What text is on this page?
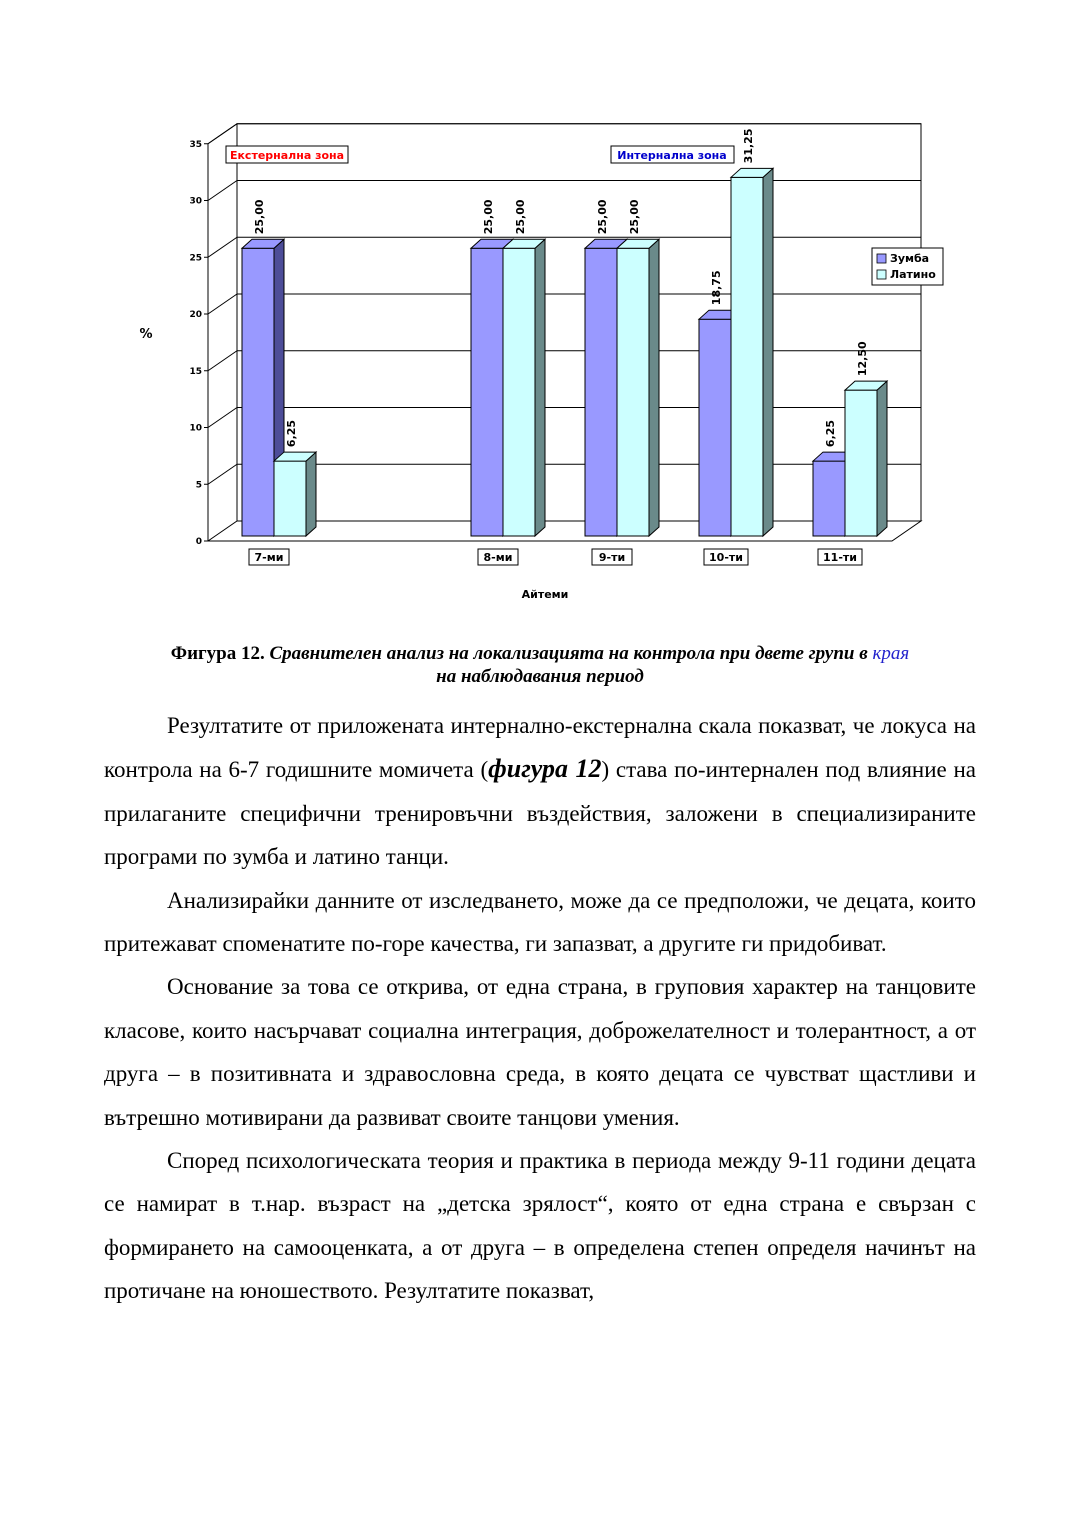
0
5
10
15
20
25
30
35
7-ми	8-ми	9-ти	10-ти	11-ти
25,00
6,25
25,00 25,00	25,00 25,00
18,75
31,25
6,25
12,50
%
Айтеми
Екстернална зона	Интернална зона
Зумба
Латино
Фигура 12. Сравнителен анализ на локализацията на контрола при двете групи в края
на наблюдавания период

Резултатите от приложената интернално-екстернална скала показват, че локуса на контрола на 6-7 годишните момичета (фигура 12) става по-интернален под влияние на прилаганите специфични тренировъчни въздействия, заложени в специализираните програми по зумба и латино танци.

Анализирайки данните от изследването, може да се предположи, че децата, които притежават споменатите по-горе качества, ги запазват, а другите ги придобиват.

Основание за това се открива, от една страна, в груповия характер на танцовите класове, които насърчават социална интеграция, доброжелателност и толерантност, а от друга – в позитивната и здравословна среда, в която децата се чувстват щастливи и вътрешно мотивирани да развиват своите танцови умения.

Според психологическата теория и практика в периода между 9-11 години децата се намират в т.нар. възраст на „детска зрялост“, която от една страна е свързан с формирането на самооценката, а от друга – в определена степен определя начинът на протичане на юношеството. Резултатите показват,
